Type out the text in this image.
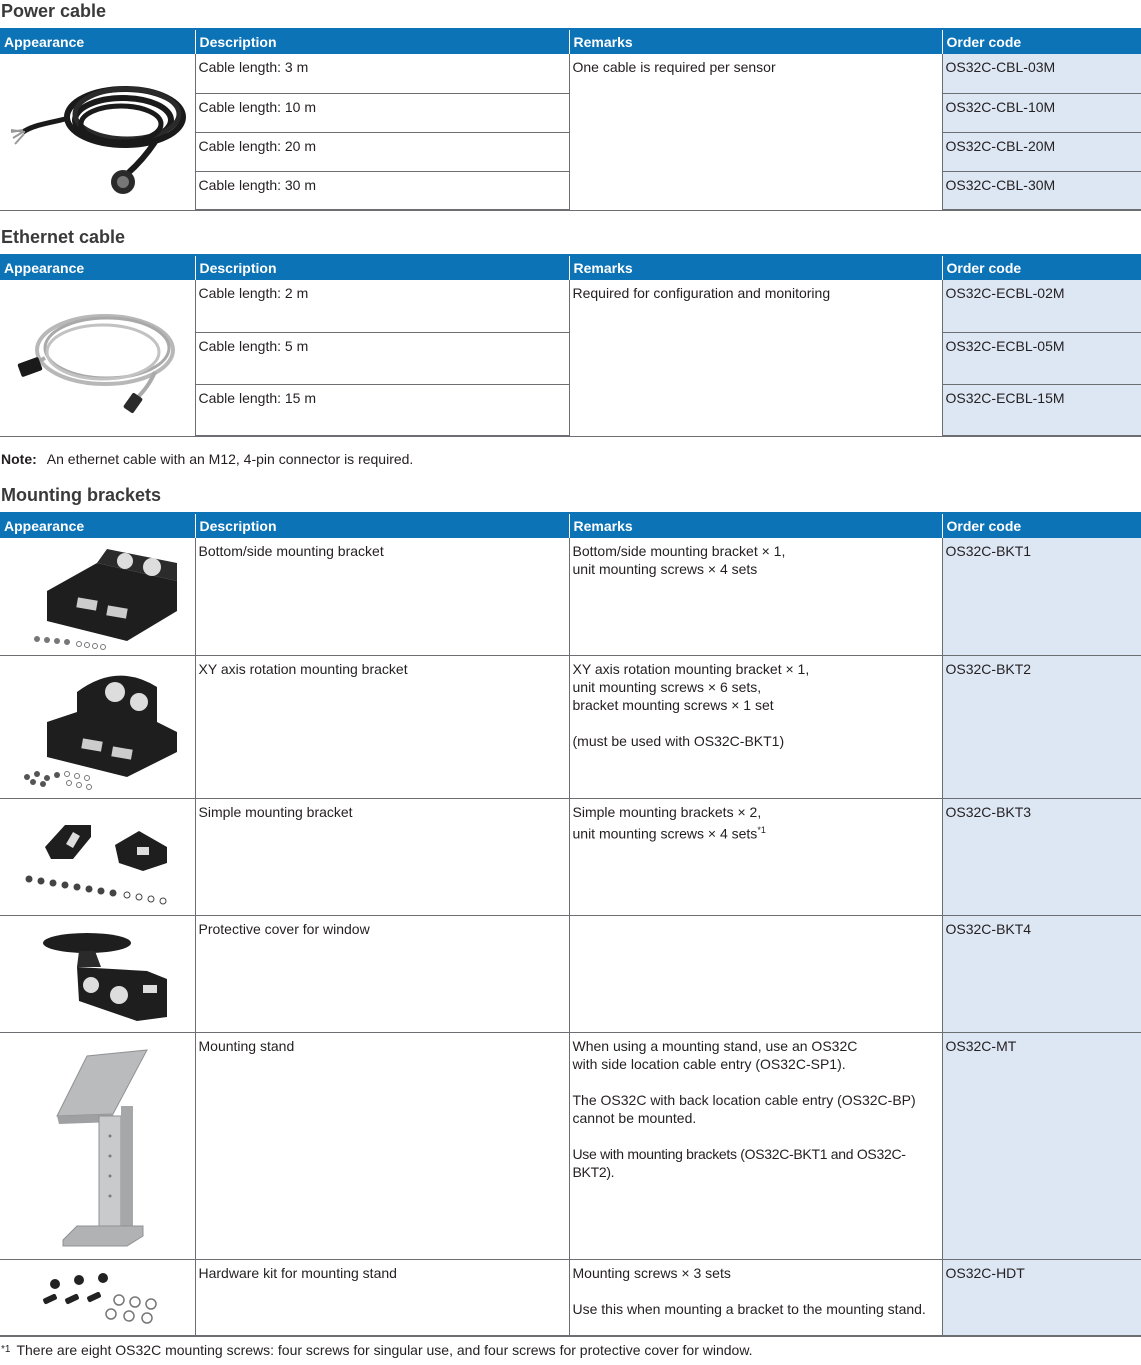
Power cable
Appearance	Description	Remarks	Order code

	Cable length: 3 m	One cable is required per sensor	OS32C-CBL-03M
	Cable length: 10 m		OS32C-CBL-10M
	Cable length: 20 m		OS32C-CBL-20M
	Cable length: 30 m		OS32C-CBL-30M
Ethernet cable
Appearance	Description	Remarks	Order code

	Cable length: 2 m	Required for configuration and monitoring	OS32C-ECBL-02M
	Cable length: 5 m		OS32C-ECBL-05M
	Cable length: 15 m		OS32C-ECBL-15M
Note: An ethernet cable with an M12, 4-pin connector is required.
Mounting brackets
Appearance	Description	Remarks	Order code

	Bottom/side mounting bracket	Bottom/side mounting bracket × 1,
unit mounting screws × 4 sets	OS32C-BKT1

	XY axis rotation mounting bracket	XY axis rotation mounting bracket × 1,
unit mounting screws × 6 sets,
bracket mounting screws × 1 set
(must be used with OS32C-BKT1)	OS32C-BKT2

	Simple mounting bracket	Simple mounting brackets × 2,
unit mounting screws × 4 sets$^{*1}$	OS32C-BKT3

	Protective cover for window		OS32C-BKT4

	Mounting stand	When using a mounting stand, use an OS32C
with side location cable entry (OS32C-SP1).
The OS32C with back location cable entry (OS32C-BP)
cannot be mounted.
Use with mounting brackets (OS32C-BKT1 and OS32C-BKT2).	OS32C-MT

	Hardware kit for mounting stand	Mounting screws × 3 sets
Use this when mounting a bracket to the mounting stand.	OS32C-HDT
$^{*1}$ There are eight OS32C mounting screws: four screws for singular use, and four screws for protective cover for window.
